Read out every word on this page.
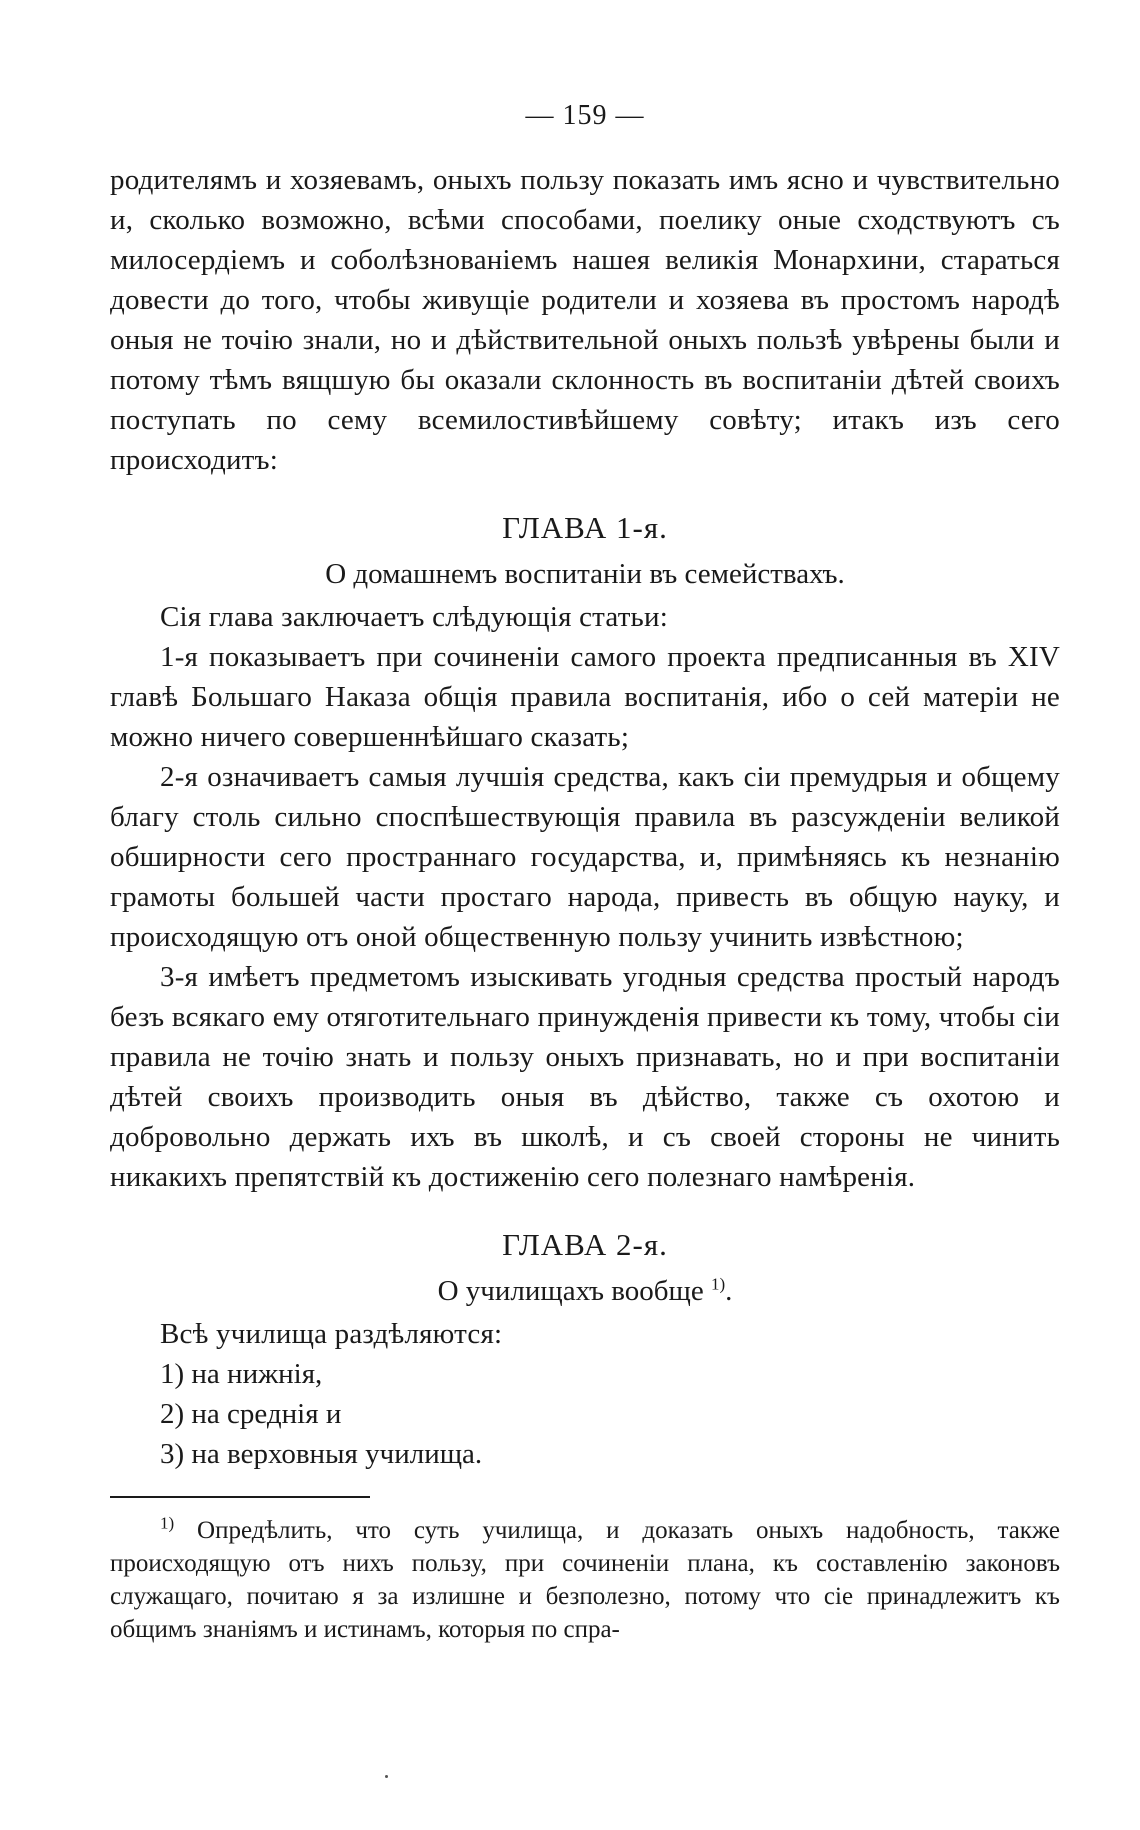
— 159 —

родителямъ и хозяевамъ, оныхъ пользу показать имъ ясно и чувствительно и, сколько возможно, всѣми способами, поелику оные сходствуютъ съ милосердіемъ и соболѣзнованіемъ нашея великія Монархини, стараться довести до того, чтобы живущіе родители и хозяева въ простомъ народѣ оныя не точію знали, но и дѣйствительной оныхъ пользѣ увѣрены были и потому тѣмъ вящшую бы оказали склонность въ воспитаніи дѣтей своихъ поступать по сему всемилостивѣйшему совѣту; итакъ изъ сего происходитъ:

ГЛАВА 1-я.
О домашнемъ воспитаніи въ семействахъ.

Сія глава заключаетъ слѣдующія статьи:

1-я показываетъ при сочиненіи самого проекта предписанныя въ XIV главѣ Большаго Наказа общія правила воспитанія, ибо о сей матеріи не можно ничего совершеннѣйшаго сказать;

2-я означиваетъ самыя лучшія средства, какъ сіи премудрыя и общему благу столь сильно споспѣшествующія правила въ разсужденіи великой обширности сего пространнаго государства, и, примѣняясь къ незнанію грамоты большей части простаго народа, привесть въ общую науку, и происходящую отъ оной общественную пользу учинить извѣстною;

3-я имѣетъ предметомъ изыскивать угодныя средства простый народъ безъ всякаго ему отяготительнаго принужденія привести къ тому, чтобы сіи правила не точію знать и пользу оныхъ признавать, но и при воспитаніи дѣтей своихъ производить оныя въ дѣйство, также съ охотою и добровольно держать ихъ въ школѣ, и съ своей стороны не чинить никакихъ препятствій къ достиженію сего полезнаго намѣренія.

ГЛАВА 2-я.
О училищахъ вообще $^{1)}$.

Всѣ училища раздѣляются:

1) на нижнія,
2) на среднія и
3) на верховныя училища.

$^{1)}$ Опредѣлить, что суть училища, и доказать оныхъ надобность, также происходящую отъ нихъ пользу, при сочиненіи плана, къ составленію законовъ служащаго, почитаю я за излишне и безполезно, потому что сіе принадлежитъ къ общимъ знаніямъ и истинамъ, которыя по спра-
